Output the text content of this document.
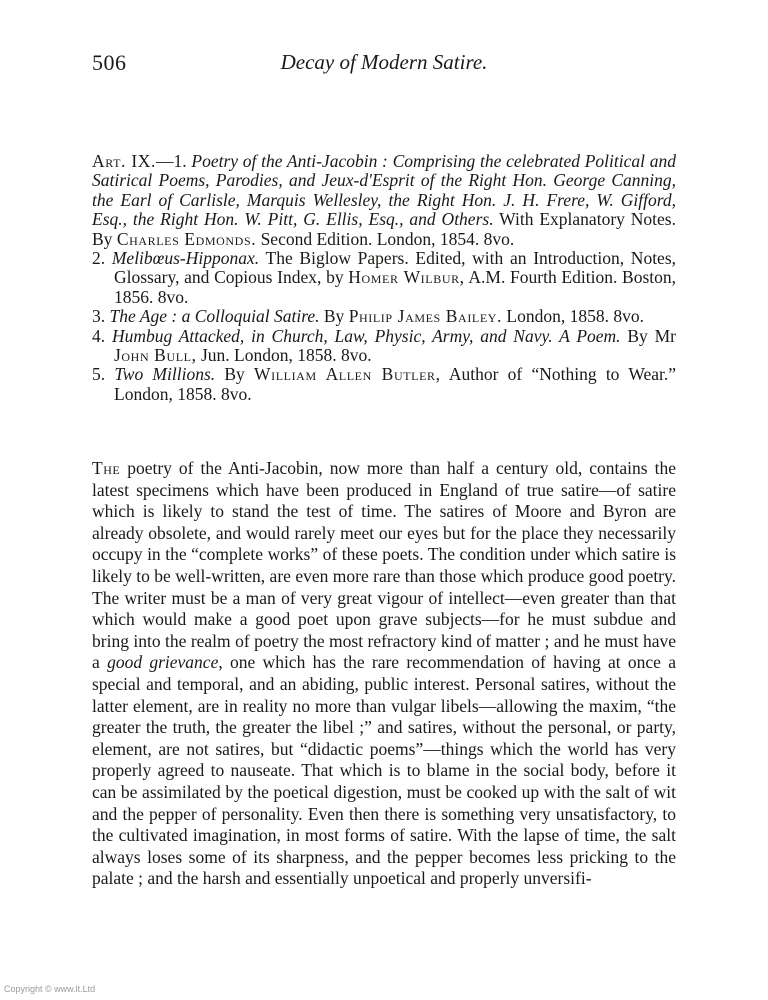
506	Decay of Modern Satire.
Art. IX.—1. Poetry of the Anti-Jacobin : Comprising the celebrated Political and Satirical Poems, Parodies, and Jeux-d'Esprit of the Right Hon. George Canning, the Earl of Carlisle, Marquis Wellesley, the Right Hon. J. H. Frere, W. Gifford, Esq., the Right Hon. W. Pitt, G. Ellis, Esq., and Others. With Explanatory Notes. By Charles Edmonds. Second Edition. London, 1854. 8vo.
2. Melibœus-Hipponax. The Biglow Papers. Edited, with an Introduction, Notes, Glossary, and Copious Index, by Homer Wilbur, A.M. Fourth Edition. Boston, 1856. 8vo.
3. The Age : a Colloquial Satire. By Philip James Bailey. London, 1858. 8vo.
4. Humbug Attacked, in Church, Law, Physic, Army, and Navy. A Poem. By Mr John Bull, Jun. London, 1858. 8vo.
5. Two Millions. By William Allen Butler, Author of “Nothing to Wear.” London, 1858. 8vo.
The poetry of the Anti-Jacobin, now more than half a century old, contains the latest specimens which have been produced in England of true satire—of satire which is likely to stand the test of time. The satires of Moore and Byron are already obsolete, and would rarely meet our eyes but for the place they necessarily occupy in the “complete works” of these poets. The condition under which satire is likely to be well-written, are even more rare than those which produce good poetry. The writer must be a man of very great vigour of intellect—even greater than that which would make a good poet upon grave subjects—for he must subdue and bring into the realm of poetry the most refractory kind of matter ; and he must have a good grievance, one which has the rare recommendation of having at once a special and temporal, and an abiding, public interest. Personal satires, without the latter element, are in reality no more than vulgar libels—allowing the maxim, “the greater the truth, the greater the libel ;” and satires, without the personal, or party, element, are not satires, but “didactic poems”—things which the world has very properly agreed to nauseate. That which is to blame in the social body, before it can be assimilated by the poetical digestion, must be cooked up with the salt of wit and the pepper of personality. Even then there is something very unsatisfactory, to the cultivated imagination, in most forms of satire. With the lapse of time, the salt always loses some of its sharpness, and the pepper becomes less pricking to the palate ; and the harsh and essentially unpoetical and properly unversifi-
Copyright © www.lt.Ltd
